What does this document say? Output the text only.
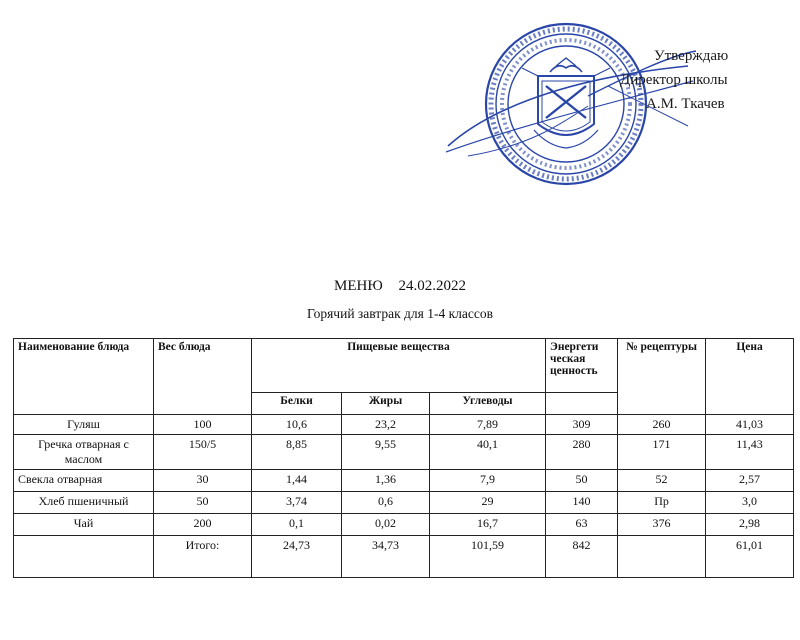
Утверждаю
Директор школы
А.М. Ткачев
МЕНЮ 24.02.2022
Горячий завтрак для 1-4 классов
Наименование блюда	Вес блюда	Пищевые вещества			Энергети ческая ценность	№ рецептуры	Цена
		Белки	Жиры	Углеводы			
Гуляш	100	10,6	23,2	7,89	309	260	41,03
Гречка отварная с маслом	150/5	8,85	9,55	40,1	280	171	11,43
Свекла отварная	30	1,44	1,36	7,9	50	52	2,57
Хлеб пшеничный	50	3,74	0,6	29	140	Пр	3,0
Чай	200	0,1	0,02	16,7	63	376	2,98
	Итого:	24,73	34,73	101,59	842		61,01
